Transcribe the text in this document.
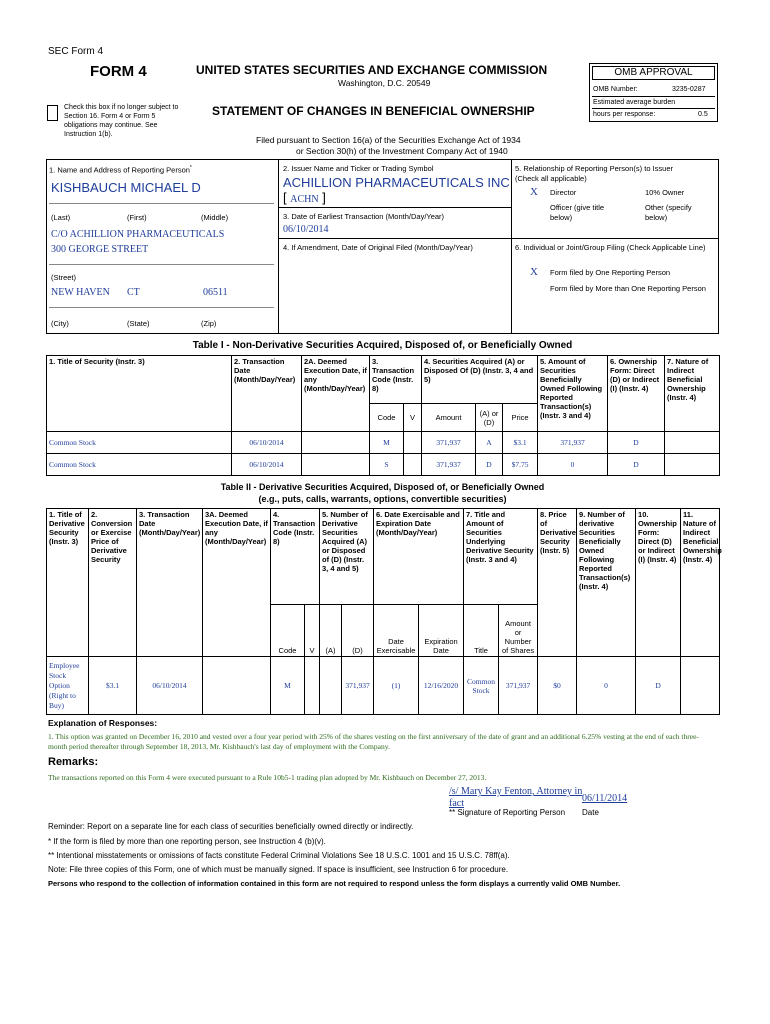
SEC Form 4
FORM 4
Check this box if no longer subject to Section 16. Form 4 or Form 5 obligations may continue. See Instruction 1(b).
UNITED STATES SECURITIES AND EXCHANGE COMMISSION
Washington, D.C. 20549
STATEMENT OF CHANGES IN BENEFICIAL OWNERSHIP
Filed pursuant to Section 16(a) of the Securities Exchange Act of 1934
or Section 30(h) of the Investment Company Act of 1940
OMB APPROVAL
OMB Number:	3235-0287
Estimated average burden
hours per response:	0.5
1. Name and Address of Reporting Person*
KISHBAUCH MICHAEL D
(Last)	(First)	(Middle)
C/O ACHILLION PHARMACEUTICALS
300 GEORGE STREET
(Street)
NEW HAVEN CT	06511
(City)	(State)	(Zip)
2. Issuer Name and Ticker or Trading Symbol
ACHILLION PHARMACEUTICALS INC
[ ACHN ]
3. Date of Earliest Transaction (Month/Day/Year)
06/10/2014
4. If Amendment, Date of Original Filed (Month/Day/Year)
5. Relationship of Reporting Person(s) to Issuer
(Check all applicable)
X Director	10% Owner
Officer (give title below)
Other (specify below)
6. Individual or Joint/Group Filing (Check Applicable Line)
X Form filed by One Reporting Person
Form filed by More than One Reporting Person
Table I - Non-Derivative Securities Acquired, Disposed of, or Beneficially Owned
1. Title of Security (Instr. 3)	2. Transaction Date (Month/Day/Year)	2A. Deemed Execution Date, if any (Month/Day/Year)	3. Transaction Code (Instr. 8)		4. Securities Acquired (A) or Disposed Of (D) (Instr. 3, 4 and 5)			5. Amount of Securities Beneficially Owned Following Reported Transaction(s) (Instr. 3 and 4)	6. Ownership Form: Direct (D) or Indirect (I) (Instr. 4)	7. Nature of Indirect Beneficial Ownership (Instr. 4)
			Code	V	Amount	(A) or (D)	Price			
Common Stock	06/10/2014		M		371,937	A	$3.1	371,937	D	
Common Stock	06/10/2014		S		371,937	D	$7.75	0	D	
Table II - Derivative Securities Acquired, Disposed of, or Beneficially Owned
(e.g., puts, calls, warrants, options, convertible securities)
1. Title of Derivative Security (Instr. 3)	2. Conversion or Exercise Price of Derivative Security	3. Transaction Date (Month/Day/Year)	3A. Deemed Execution Date, if any (Month/Day/Year)	4. Transaction Code (Instr. 8)		5. Number of Derivative Securities Acquired (A) or Disposed of (D) (Instr. 3, 4 and 5)		6. Date Exercisable and Expiration Date (Month/Day/Year)		7. Title and Amount of Securities Underlying Derivative Security (Instr. 3 and 4)		8. Price of Derivative Security (Instr. 5)	9. Number of derivative Securities Beneficially Owned Following Reported Transaction(s) (Instr. 4)	10. Ownership Form: Direct (D) or Indirect (I) (Instr. 4)	11. Nature of Indirect Beneficial Ownership (Instr. 4)
				Code	V	(A)	(D)	Date Exercisable	Expiration Date	Title	Amount or Number of Shares				
Employee Stock Option (Right to Buy)	$3.1	06/10/2014		M			371,937	(1)	12/16/2020	Common Stock	371,937	$0	0	D	
Explanation of Responses:
1. This option was granted on December 16, 2010 and vested over a four year period with 25% of the shares vesting on the first anniversary of the date of grant and an additional 6.25% vesting at the end of each three-month period thereafter through September 18, 2013, Mr. Kishbauch's last day of employment with the Company.
Remarks:
The transactions reported on this Form 4 were executed pursuant to a Rule 10b5-1 trading plan adopted by Mr. Kishbauch on December 27, 2013.
/s/ Mary Kay Fenton, Attorney in fact	06/11/2014
** Signature of Reporting Person Date
Reminder: Report on a separate line for each class of securities beneficially owned directly or indirectly.
* If the form is filed by more than one reporting person, see Instruction 4 (b)(v).
** Intentional misstatements or omissions of facts constitute Federal Criminal Violations See 18 U.S.C. 1001 and 15 U.S.C. 78ff(a).
Note: File three copies of this Form, one of which must be manually signed. If space is insufficient, see Instruction 6 for procedure.
Persons who respond to the collection of information contained in this form are not required to respond unless the form displays a currently valid OMB Number.
